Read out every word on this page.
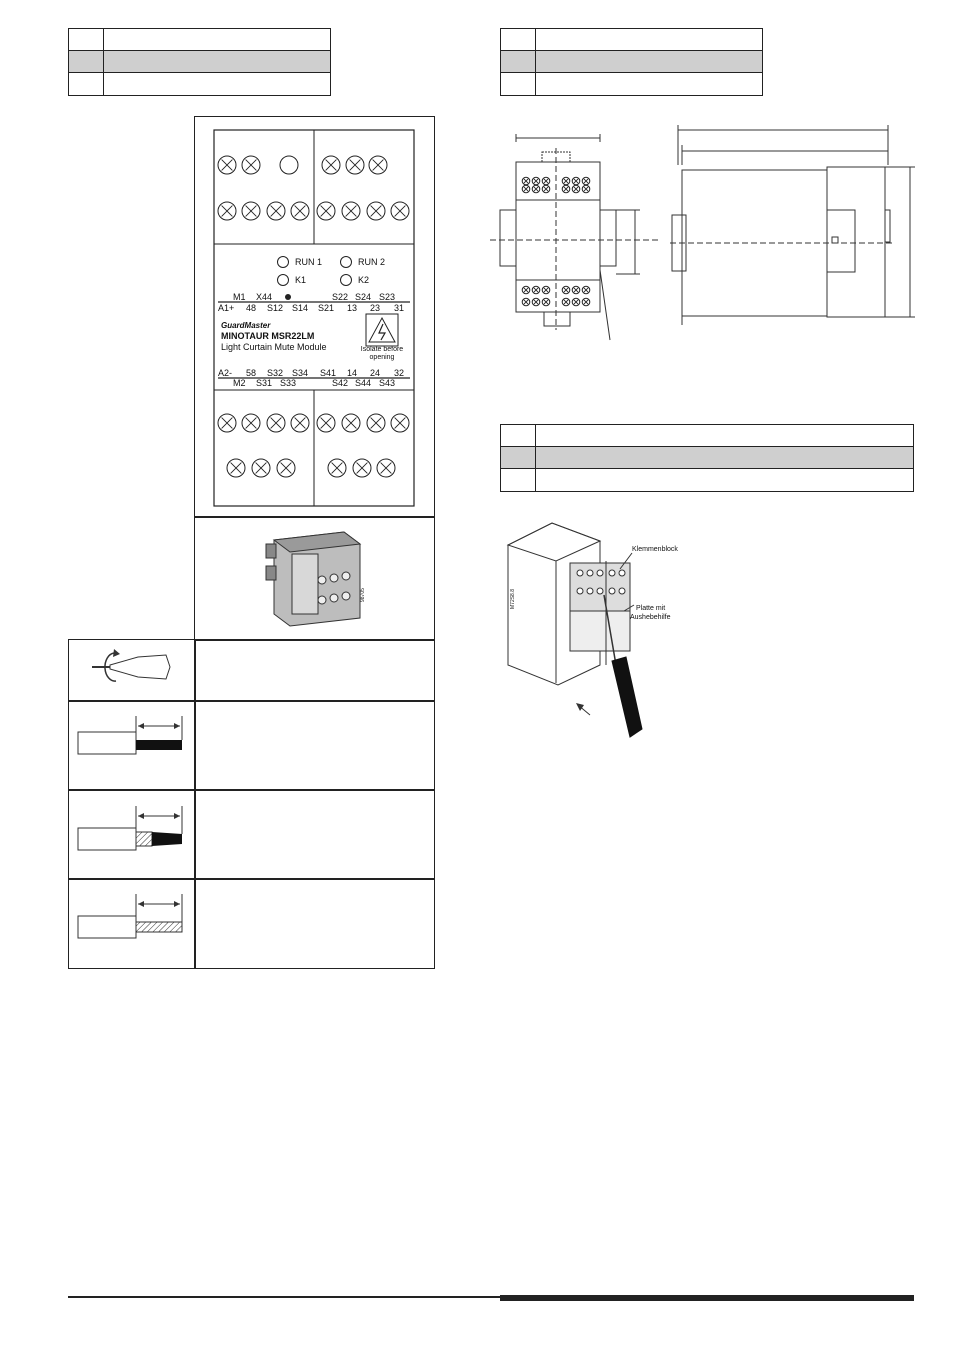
RUN 1	RUN 2
K1	K2
M1 X44	S22 S24 S23
A1+ 48 S12 S14 S21 13 23 31
GuardMaster
MINOTAUR MSR22LM
Light Curtain Mute Module	Isolate before opening
A2- 58 S32 S34 S41 14 24 32
M2 S31 S33	S42 S44 S43
98705
Klemmenblock
Platte mit
Aushebehilfe
M72S8.8
